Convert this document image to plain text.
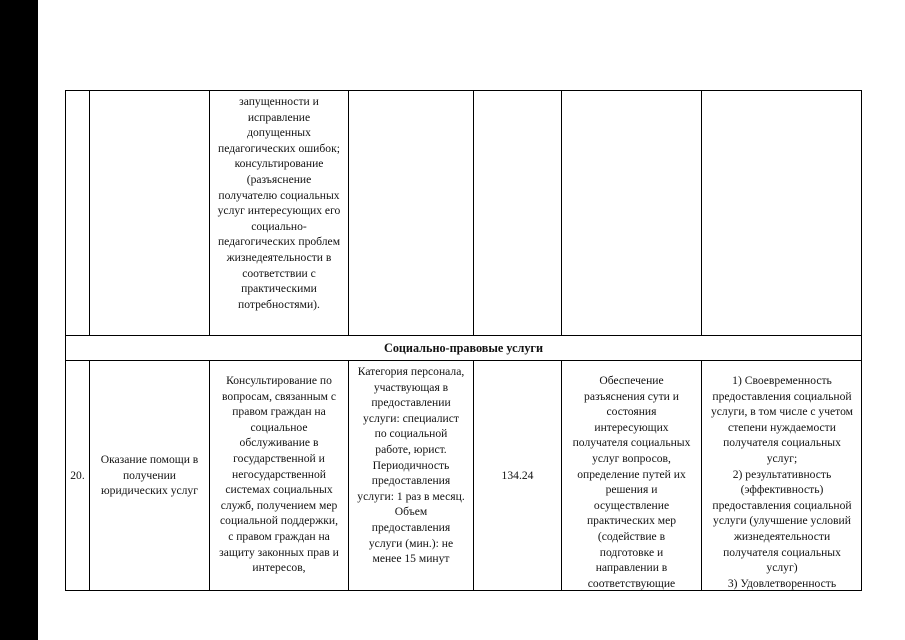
запущенности и
исправление
допущенных
педагогических ошибок;
консультирование
(разъяснение
получателю социальных
услуг интересующих его
социально-
педагогических проблем
жизнедеятельности в
соответствии с
практическими
потребностями).
Социально-правовые услуги
20.
Оказание помощи в
получении
юридических услуг
Консультирование по
вопросам, связанным с
правом граждан на
социальное
обслуживание в
государственной и
негосударственной
системах социальных
служб, получением мер
социальной поддержки,
с правом граждан на
защиту законных прав и
интересов,
Категория персонала,
участвующая в
предоставлении
услуги: специалист
по социальной
работе, юрист.
Периодичность
предоставления
услуги: 1 раз в месяц.
Объем
предоставления
услуги (мин.): не
менее 15 минут
134.24
Обеспечение
разъяснения сути и
состояния
интересующих
получателя социальных
услуг вопросов,
определение путей их
решения и
осуществление
практических мер
(содействие в
подготовке и
направлении в
соответствующие
1) Своевременность
предоставления социальной
услуги, в том числе с учетом
степени нуждаемости
получателя социальных
услуг;
2) результативность
(эффективность)
предоставления социальной
услуги (улучшение условий
жизнедеятельности
получателя социальных
услуг)
3) Удовлетворенность
